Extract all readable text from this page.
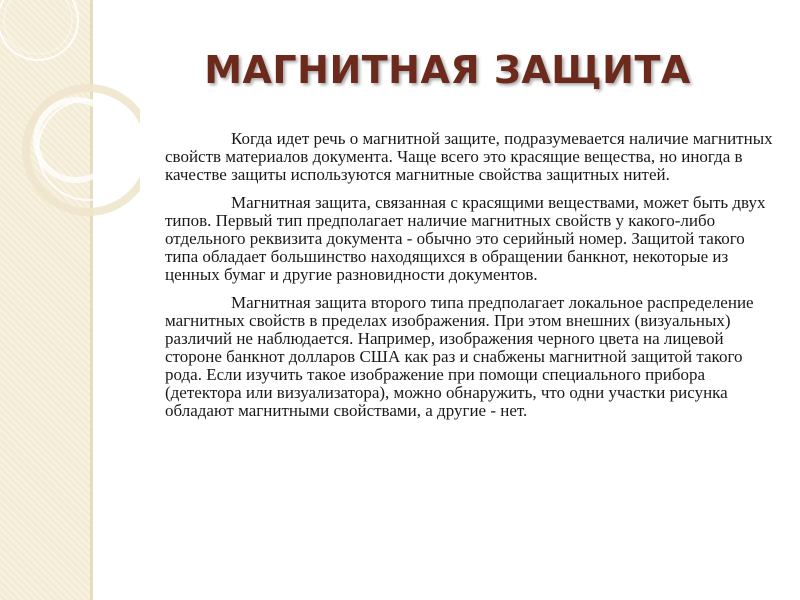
МАГНИТНАЯ ЗАЩИТА

Когда идет речь о магнитной защите, подразумевается наличие магнитных свойств материалов документа. Чаще всего это красящие вещества, но иногда в качестве защиты используются магнитные свойства защитных нитей.

Магнитная защита, связанная с красящими веществами, может быть двух типов. Первый тип предполагает наличие магнитных свойств у какого-либо отдельного реквизита документа - обычно это серийный номер. Защитой такого типа обладает большинство находящихся в обращении банкнот, некоторые из ценных бумаг и другие разновидности документов.

Магнитная защита второго типа предполагает локальное распределение магнитных свойств в пределах изображения. При этом внешних (визуальных) различий не наблюдается. Например, изображения черного цвета на лицевой стороне банкнот долларов США как раз и снабжены магнитной защитой такого рода. Если изучить такое изображение при помощи специального прибора (детектора или визуализатора), можно обнаружить, что одни участки рисунка обладают магнитными свойствами, а другие - нет.
